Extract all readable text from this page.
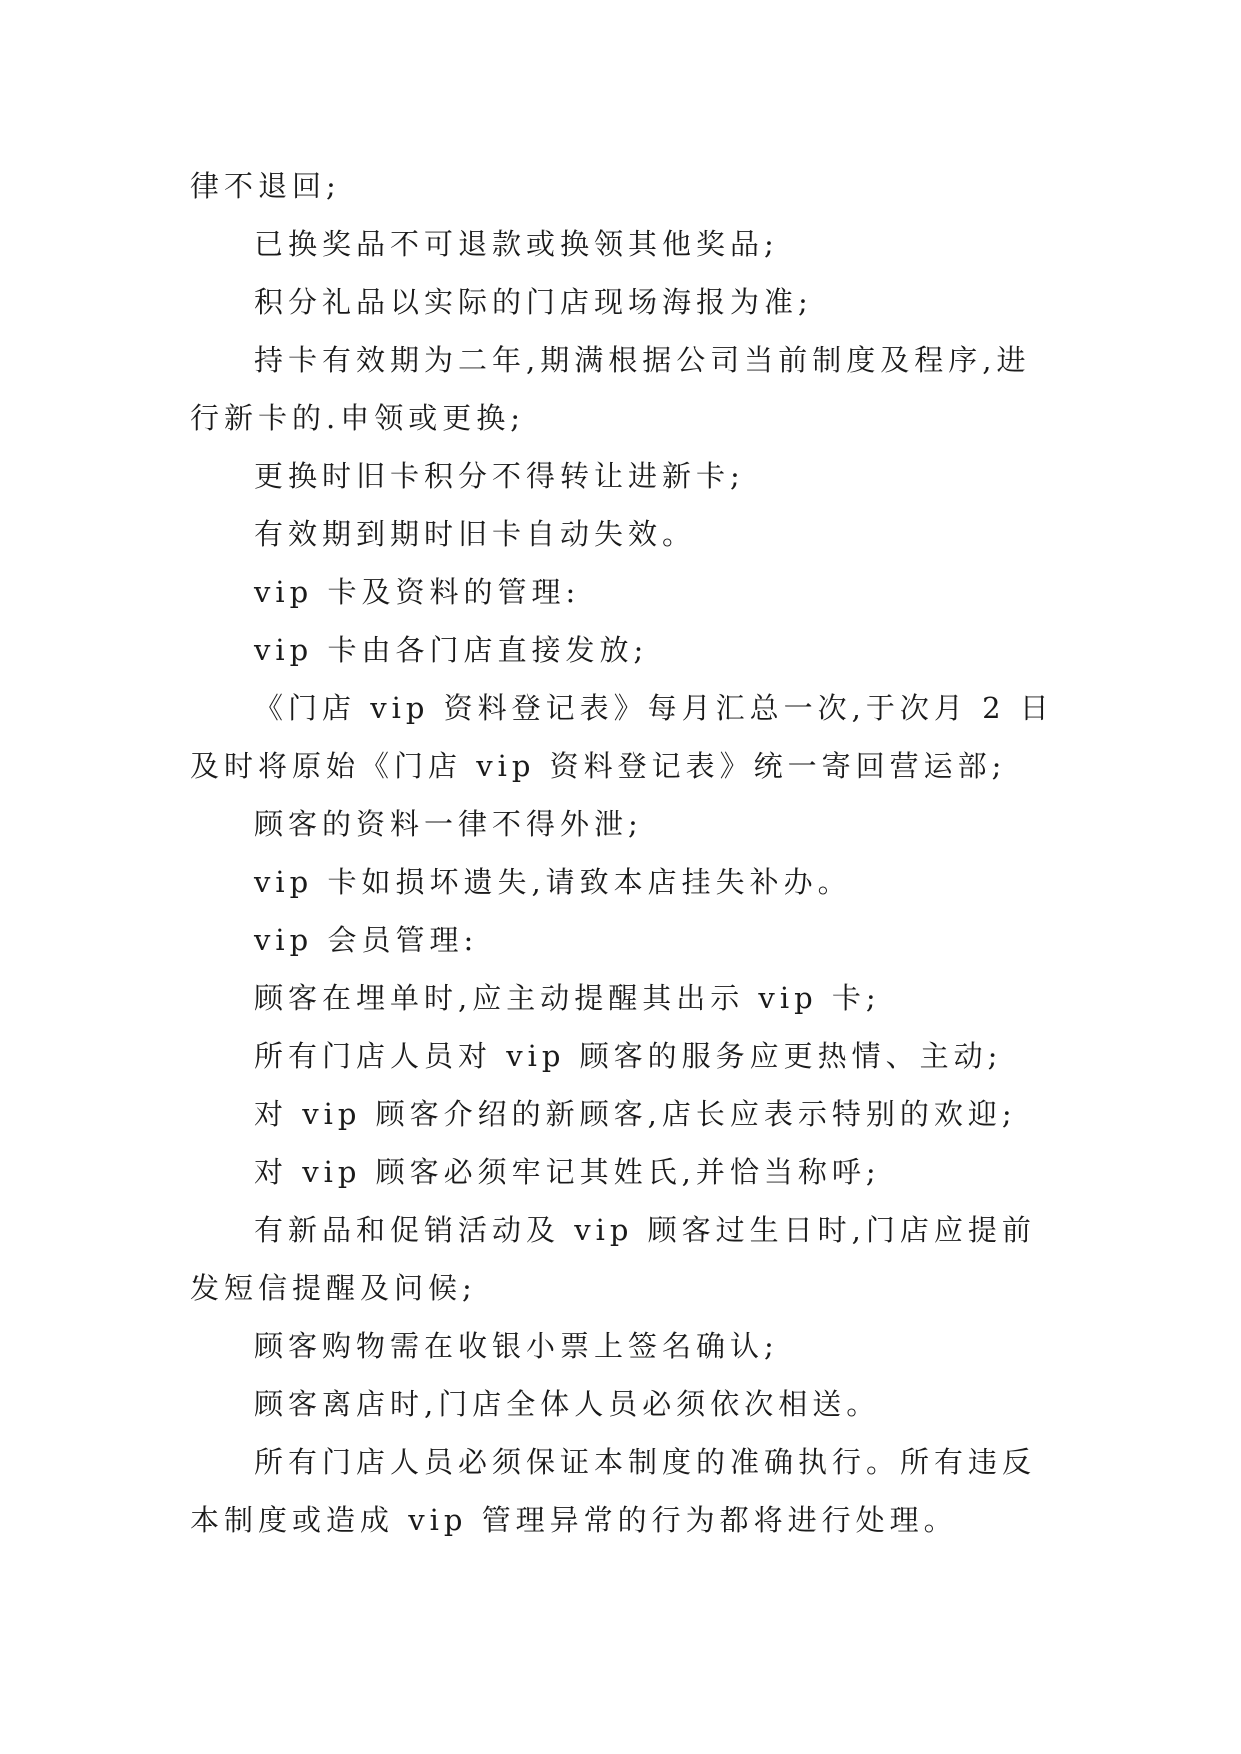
律不退回;

已换奖品不可退款或换领其他奖品;

积分礼品以实际的门店现场海报为准;

持卡有效期为二年,期满根据公司当前制度及程序,进行新卡的.申领或更换;

更换时旧卡积分不得转让进新卡;

有效期到期时旧卡自动失效。

vip 卡及资料的管理:

vip 卡由各门店直接发放;

《门店 vip 资料登记表》每月汇总一次,于次月 2 日及时将原始《门店 vip 资料登记表》统一寄回营运部;

顾客的资料一律不得外泄;

vip 卡如损坏遗失,请致本店挂失补办。

vip 会员管理:

顾客在埋单时,应主动提醒其出示 vip 卡;

所有门店人员对 vip 顾客的服务应更热情、主动;

对 vip 顾客介绍的新顾客,店长应表示特别的欢迎;

对 vip 顾客必须牢记其姓氏,并恰当称呼;

有新品和促销活动及 vip 顾客过生日时,门店应提前发短信提醒及问候;

顾客购物需在收银小票上签名确认;

顾客离店时,门店全体人员必须依次相送。

所有门店人员必须保证本制度的准确执行。所有违反本制度或造成 vip 管理异常的行为都将进行处理。
